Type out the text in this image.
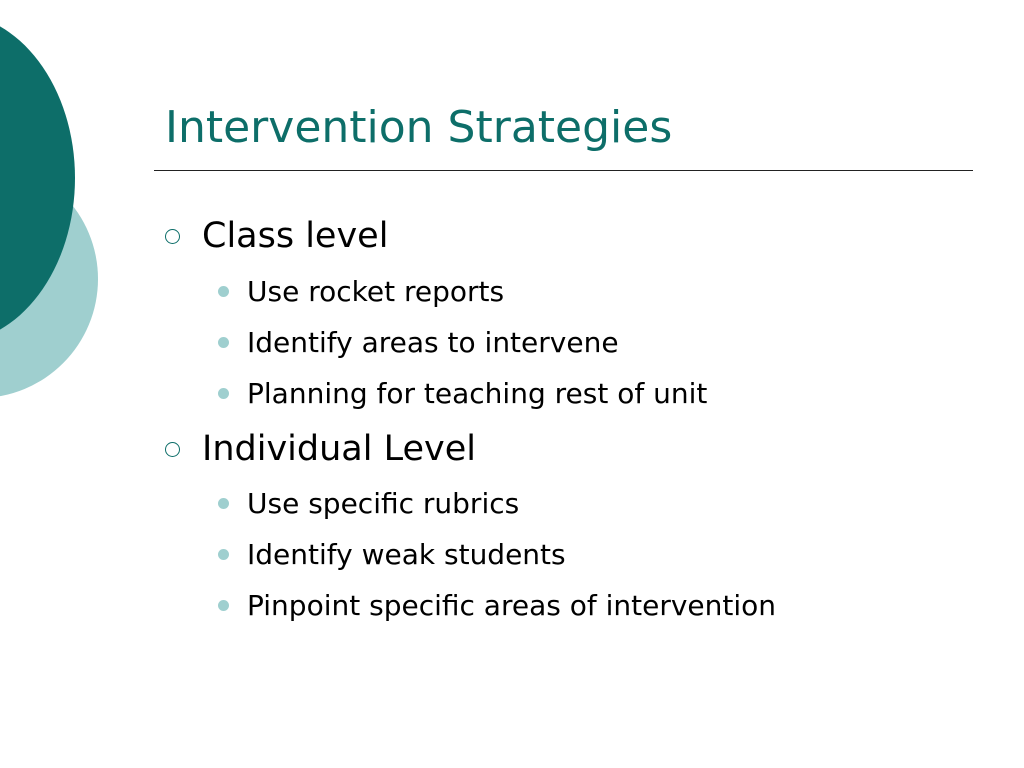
Intervention Strategies
Class level
Use rocket reports
Identify areas to intervene
Planning for teaching rest of unit
Individual Level
Use specific rubrics
Identify weak students
Pinpoint specific areas of intervention
